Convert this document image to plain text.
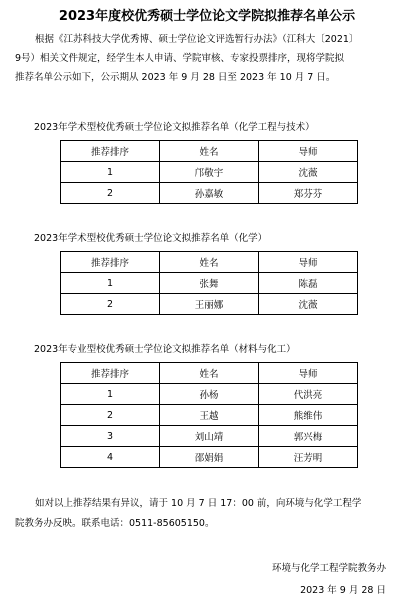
2023年度校优秀硕士学位论文学院拟推荐名单公示
根据《江苏科技大学优秀博、硕士学位论文评选暂行办法》（江科大〔2021〕
9号）相关文件规定，经学生本人申请、学院审核、专家投票排序，现将学院拟
推荐名单公示如下，公示期从 2023 年 9 月 28 日至 2023 年 10 月 7 日。
2023年学术型校优秀硕士学位论文拟推荐名单（化学工程与技术）
推荐排序	姓名	导师
1	邝敬宇	沈薇
2	孙嘉敏	郑芬芬
2023年学术型校优秀硕士学位论文拟推荐名单（化学）
推荐排序	姓名	导师
1	张舞	陈磊
2	王丽娜	沈薇
2023年专业型校优秀硕士学位论文拟推荐名单（材料与化工）
推荐排序	姓名	导师
1	孙杨	代洪亮
2	王越	熊维伟
3	刘山靖	郭兴梅
4	邵娟娟	汪芳明
如对以上推荐结果有异议，请于 10 月 7 日 17：00 前，向环境与化学工程学
院教务办反映。联系电话：0511-85605150。
环境与化学工程学院教务办
2023 年 9 月 28 日
